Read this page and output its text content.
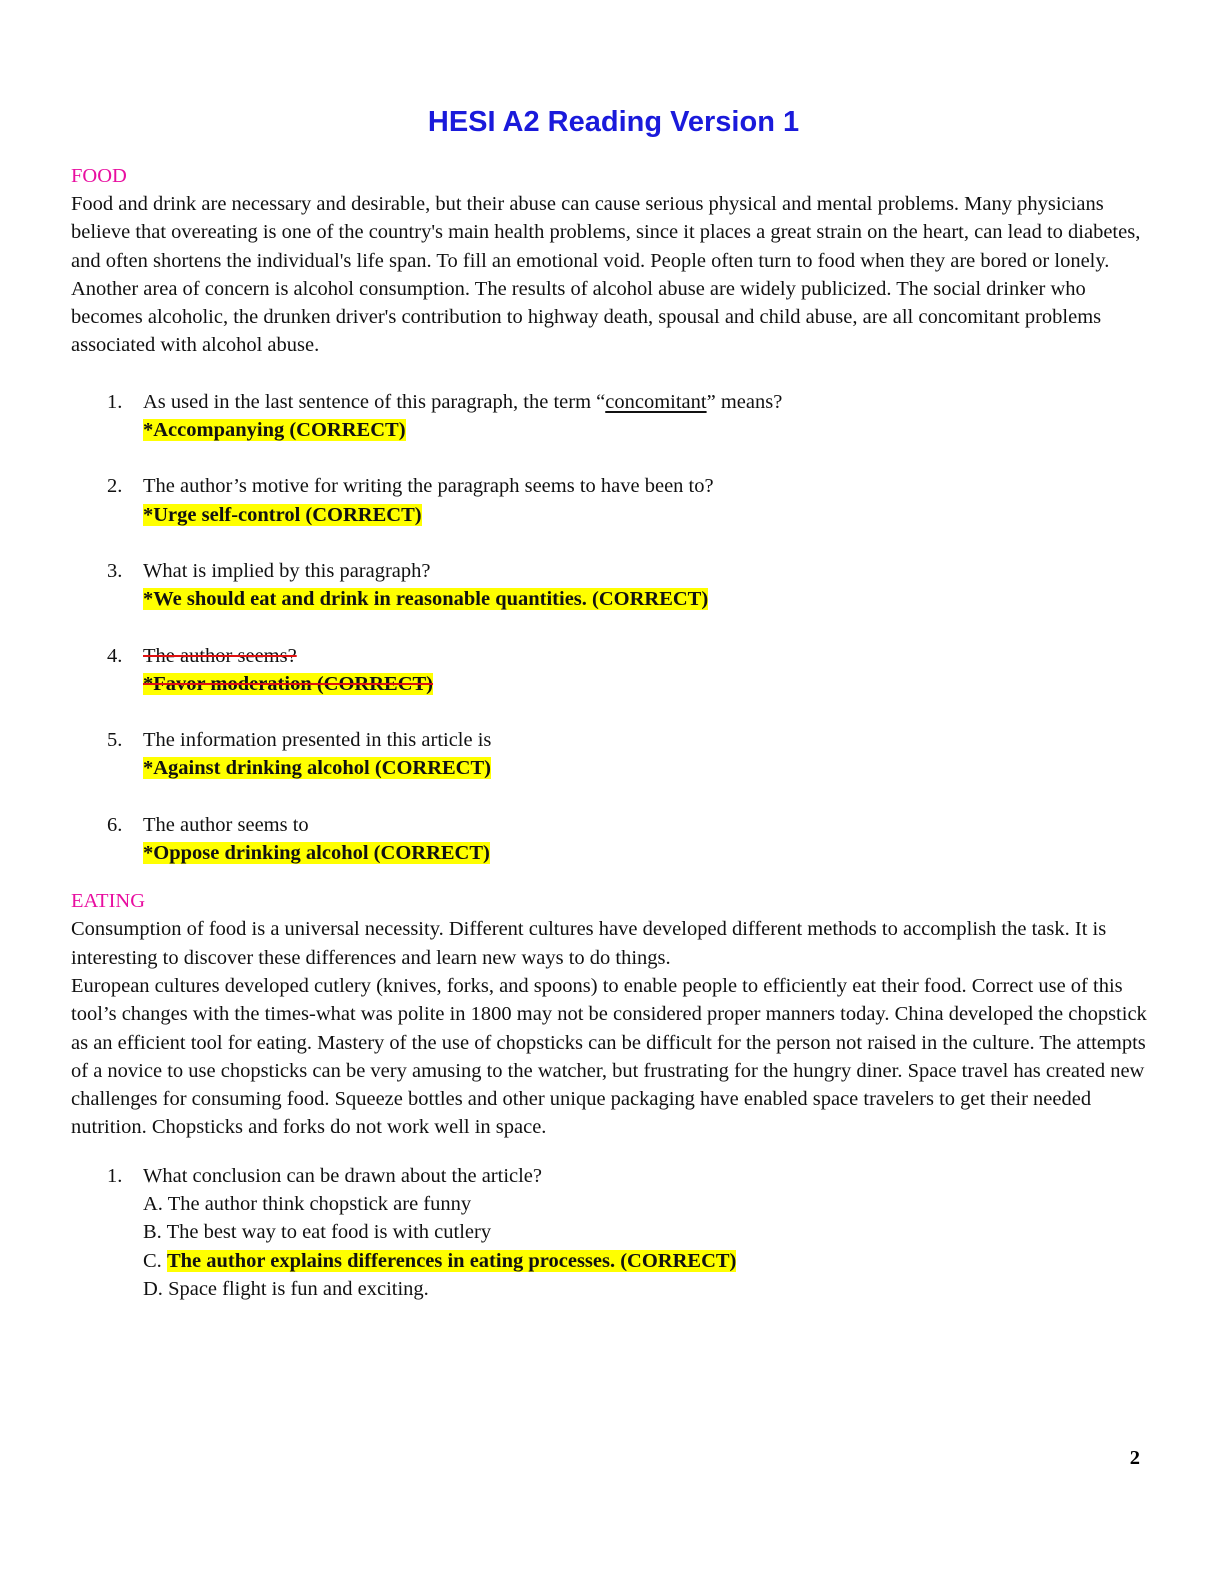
HESI A2 Reading Version 1

FOOD

Food and drink are necessary and desirable, but their abuse can cause serious physical and mental problems. Many physicians believe that overeating is one of the country's main health problems, since it places a great strain on the heart, can lead to diabetes, and often shortens the individual's life span. To fill an emotional void. People often turn to food when they are bored or lonely. Another area of concern is alcohol consumption. The results of alcohol abuse are widely publicized. The social drinker who becomes alcoholic, the drunken driver's contribution to highway death, spousal and child abuse, are all concomitant problems associated with alcohol abuse.

1. As used in the last sentence of this paragraph, the term “concomitant” means?
*Accompanying (CORRECT)
2. The author’s motive for writing the paragraph seems to have been to?
*Urge self-control (CORRECT)
3. What is implied by this paragraph?
*We should eat and drink in reasonable quantities. (CORRECT)
4. The author seems?
*Favor moderation (CORRECT)
5. The information presented in this article is
*Against drinking alcohol (CORRECT)
6. The author seems to
*Oppose drinking alcohol (CORRECT)

EATING

Consumption of food is a universal necessity. Different cultures have developed different methods to accomplish the task. It is interesting to discover these differences and learn new ways to do things.

European cultures developed cutlery (knives, forks, and spoons) to enable people to efficiently eat their food. Correct use of this tool’s changes with the times-what was polite in 1800 may not be considered proper manners today. China developed the chopstick as an efficient tool for eating. Mastery of the use of chopsticks can be difficult for the person not raised in the culture. The attempts of a novice to use chopsticks can be very amusing to the watcher, but frustrating for the hungry diner. Space travel has created new challenges for consuming food. Squeeze bottles and other unique packaging have enabled space travelers to get their needed nutrition. Chopsticks and forks do not work well in space.

1. What conclusion can be drawn about the article?
A. The author think chopstick are funny
B. The best way to eat food is with cutlery
C. The author explains differences in eating processes. (CORRECT)
D. Space flight is fun and exciting.
2
